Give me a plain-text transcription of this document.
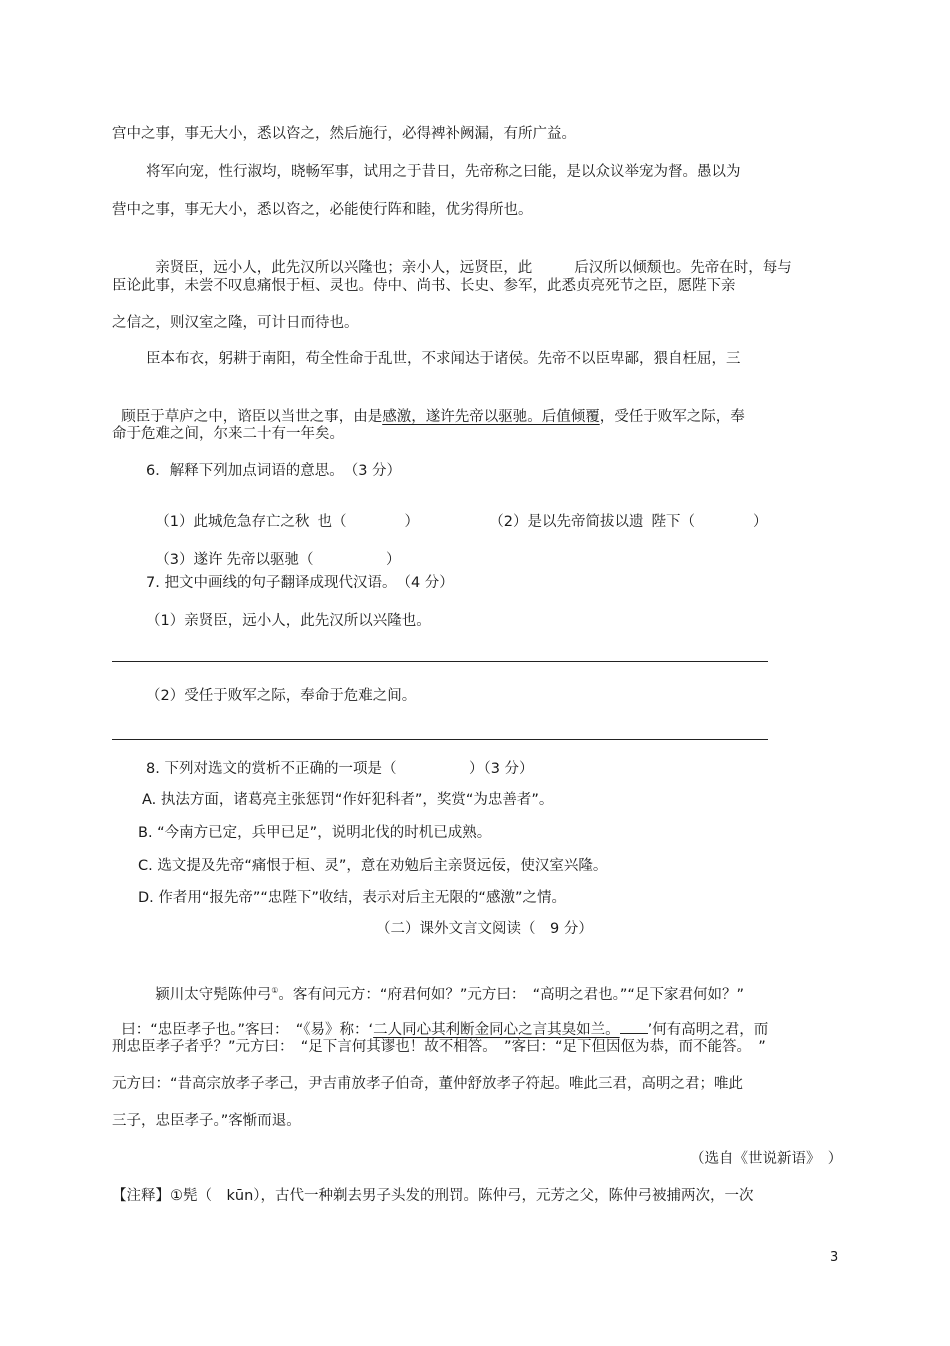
宫中之事，事无大小，悉以咨之，然后施行，必得裨补阙漏，有所广益。
将军向宠，性行淑均，晓畅军事，试用之于昔日，先帝称之曰能，是以众议举宠为督。愚以为
营中之事，事无大小，悉以咨之，必能使行阵和睦，优劣得所也。

亲贤臣，远小人，此先汉所以兴隆也；亲小人，远贤臣，此	后汉所以倾颓也。先帝在时，每与

臣论此事，未尝不叹息痛恨于桓、灵也。侍中、尚书、长史、参军，此悉贞亮死节之臣，愿陛下亲
之信之，则汉室之隆，可计日而待也。
臣本布衣，躬耕于南阳，苟全性命于乱世，不求闻达于诸侯。先帝不以臣卑鄙，猥自枉屈，三

顾臣于草庐之中，谘臣以当世之事，由是感激，遂许先帝以驱驰。后值倾覆，受任于败军之际，奉

命于危难之间，尔来二十有一年矣。
6．解释下列加点词语的意思。　（3 分）

（1）此城危急存亡之秋 也（　　　　）	（2）是以先帝简拔以遗 陛下（　　　　）

（3）遂许 先帝以驱驰（　　　　　）

7. 把文中画线的句子翻译成现代汉语。　（4 分）
（1）亲贤臣，远小人，此先汉所以兴隆也。
（2）受任于败军之际，奉命于危难之间。
8. 下列对选文的赏析不正确的一项是（　　　　　）（3 分）
A. 执法方面，诸葛亮主张惩罚“作奸犯科者”，奖赏“为忠善者”。
B. “今南方已定，兵甲已足”，说明北伐的时机已成熟。
C. 选文提及先帝“痛恨于桓、灵”，意在劝勉后主亲贤远佞，使汉室兴隆。
D. 作者用“报先帝”“忠陛下”收结，表示对后主无限的“感激”之情。
（二）课外文言文阅读（　9 分）

颍川太守髡陈仲弓①。客有问元方：“府君何如？”元方曰：　“高明之君也。”“足下家君何如？”

曰：“忠臣孝子也。”客曰：　“《易》称：‘二人同心其利断金同心之言其臭如兰。 ’何有高明之君，而

刑忠臣孝子者乎？”元方曰：　“足下言何其谬也！故不相答。　”客曰：“足下但因伛为恭，而不能答。　”
元方曰：“昔高宗放孝子孝己，尹吉甫放孝子伯奇，董仲舒放孝子符起。唯此三君，高明之君；唯此
三子，忠臣孝子。”客惭而退。
（选自《世说新语》　）
【注释】①髡（　kūn），古代一种剃去男子头发的刑罚。陈仲弓，元芳之父，陈仲弓被捕两次，一次
3
